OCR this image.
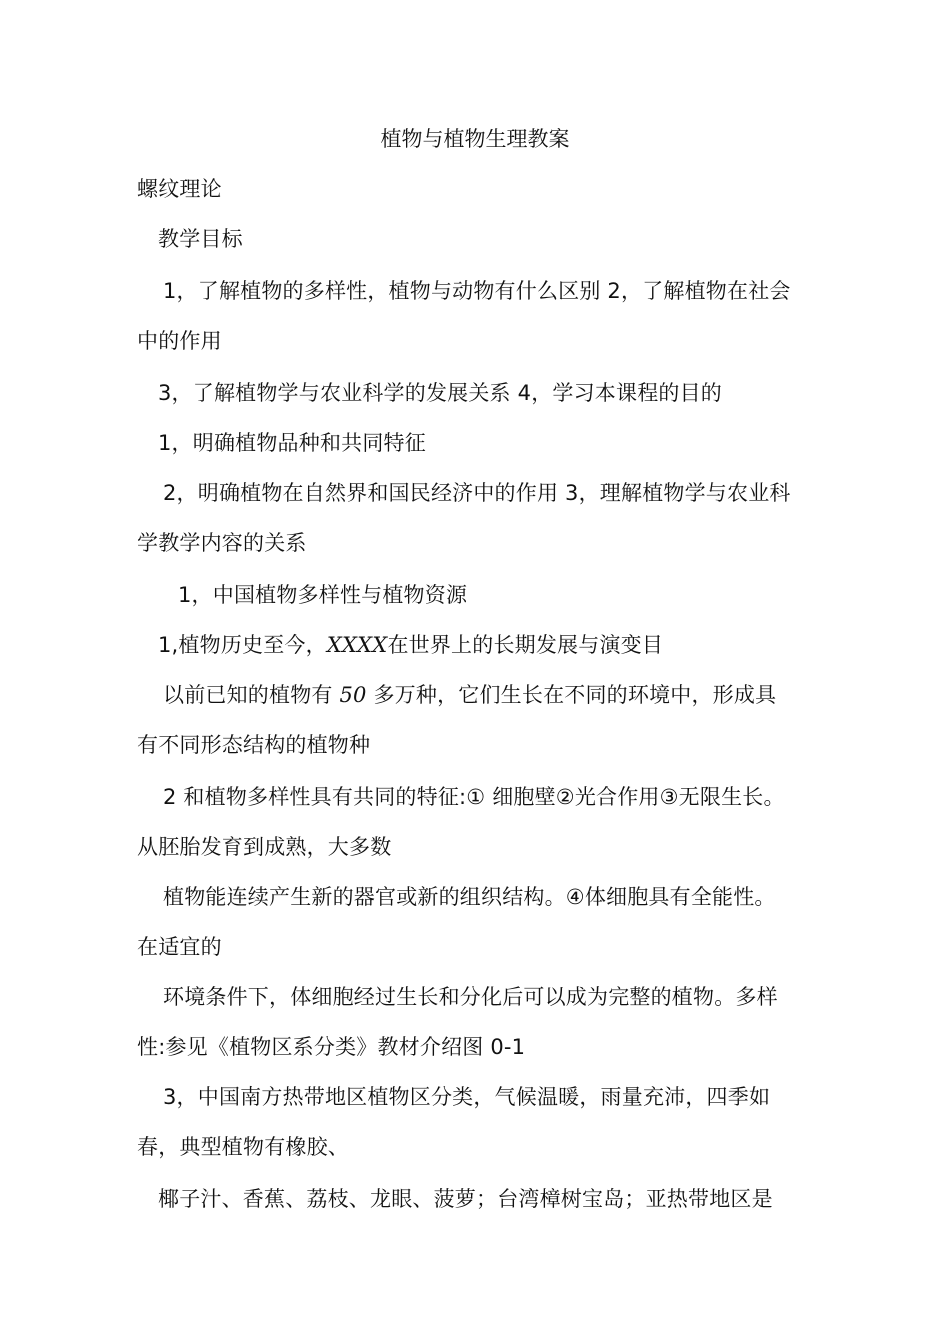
植物与植物生理教案
螺纹理论
教学目标
1，了解植物的多样性，植物与动物有什么区别 2，了解植物在社会
中的作用
3，了解植物学与农业科学的发展关系 4，学习本课程的目的
1，明确植物品种和共同特征
2，明确植物在自然界和国民经济中的作用 3，理解植物学与农业科
学教学内容的关系
1，中国植物多样性与植物资源
1,植物历史至今，XXXX在世界上的长期发展与演变目
以前已知的植物有 50 多万种，它们生长在不同的环境中，形成具
有不同形态结构的植物种
2 和植物多样性具有共同的特征:① 细胞壁②光合作用③无限生长。
从胚胎发育到成熟，大多数
植物能连续产生新的器官或新的组织结构。④体细胞具有全能性。
在适宜的
环境条件下，体细胞经过生长和分化后可以成为完整的植物。多样
性:参见《植物区系分类》教材介绍图 0-1
3，中国南方热带地区植物区分类，气候温暖，雨量充沛，四季如
春，典型植物有橡胶、
椰子汁、香蕉、荔枝、龙眼、菠萝；台湾樟树宝岛；亚热带地区是
